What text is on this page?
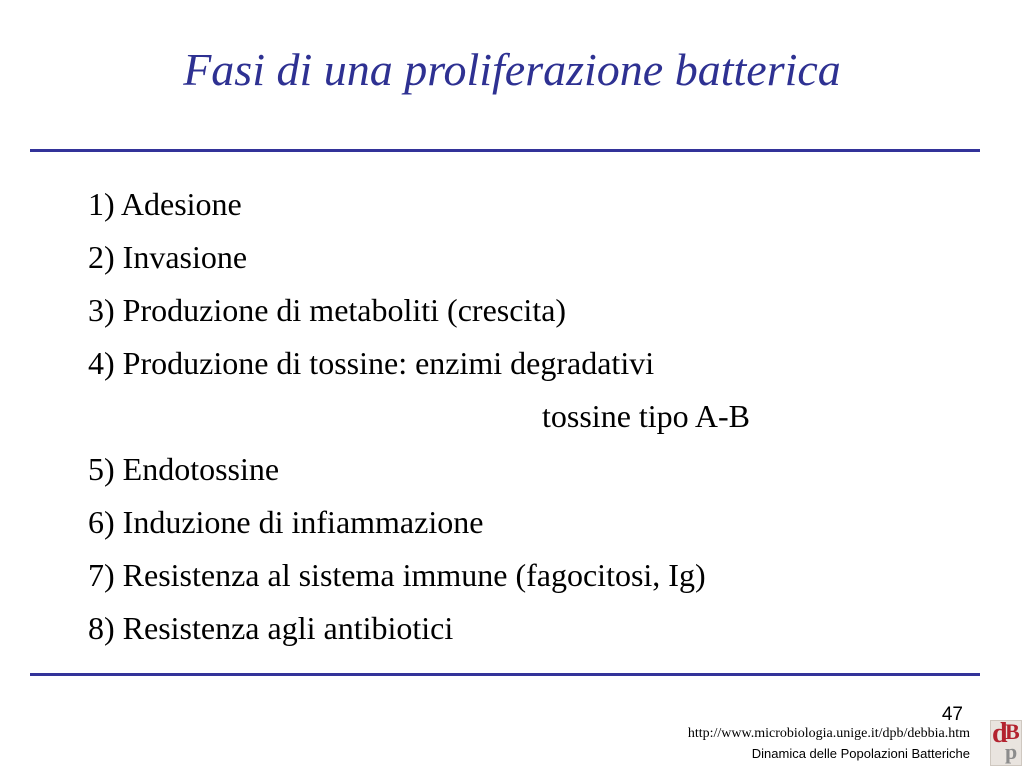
Fasi di una proliferazione batterica
1) Adesione
2) Invasione
3) Produzione di metaboliti (crescita)
4) Produzione di tossine: enzimi degradativi
tossine tipo A-B
5) Endotossine
6) Induzione di infiammazione
7) Resistenza al sistema immune (fagocitosi, Ig)
8) Resistenza agli antibiotici
47
http://www.microbiologia.unige.it/dpb/debbia.htm
Dinamica delle Popolazioni Batteriche
d
B
p
